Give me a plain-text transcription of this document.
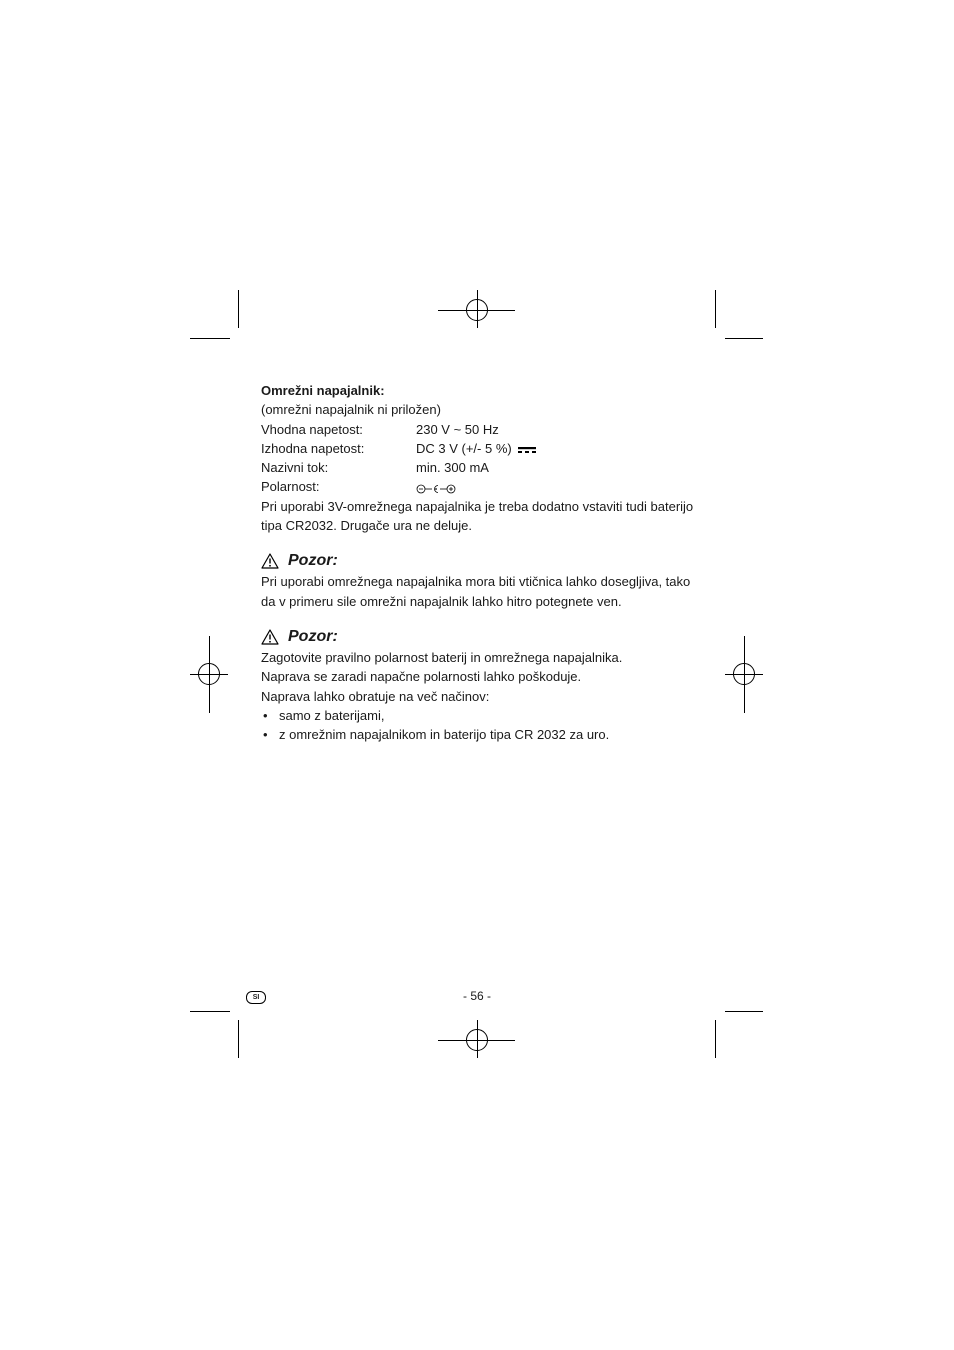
Omrežni napajalnik:
(omrežni napajalnik ni priložen)
Vhodna napetost:	230 V ~ 50 Hz
Izhodna napetost:	DC 3 V (+/- 5 %)
Nazivni tok:	min. 300 mA
Polarnost:
Pri uporabi 3V-omrežnega napajalnika je treba dodatno vstaviti tudi baterijo tipa CR2032. Drugače ura ne deluje.
Pozor:
Pri uporabi omrežnega napajalnika mora biti vtičnica lahko dosegljiva, tako da v primeru sile omrežni napajalnik lahko hitro potegnete ven.
Pozor:
Zagotovite pravilno polarnost baterij in omrežnega napajalnika.
Naprava se zaradi napačne polarnosti lahko poškoduje.
Naprava lahko obratuje na več načinov:
• samo z baterijami,
• z omrežnim napajalnikom in baterijo tipa CR 2032 za uro.
SI	- 56 -
